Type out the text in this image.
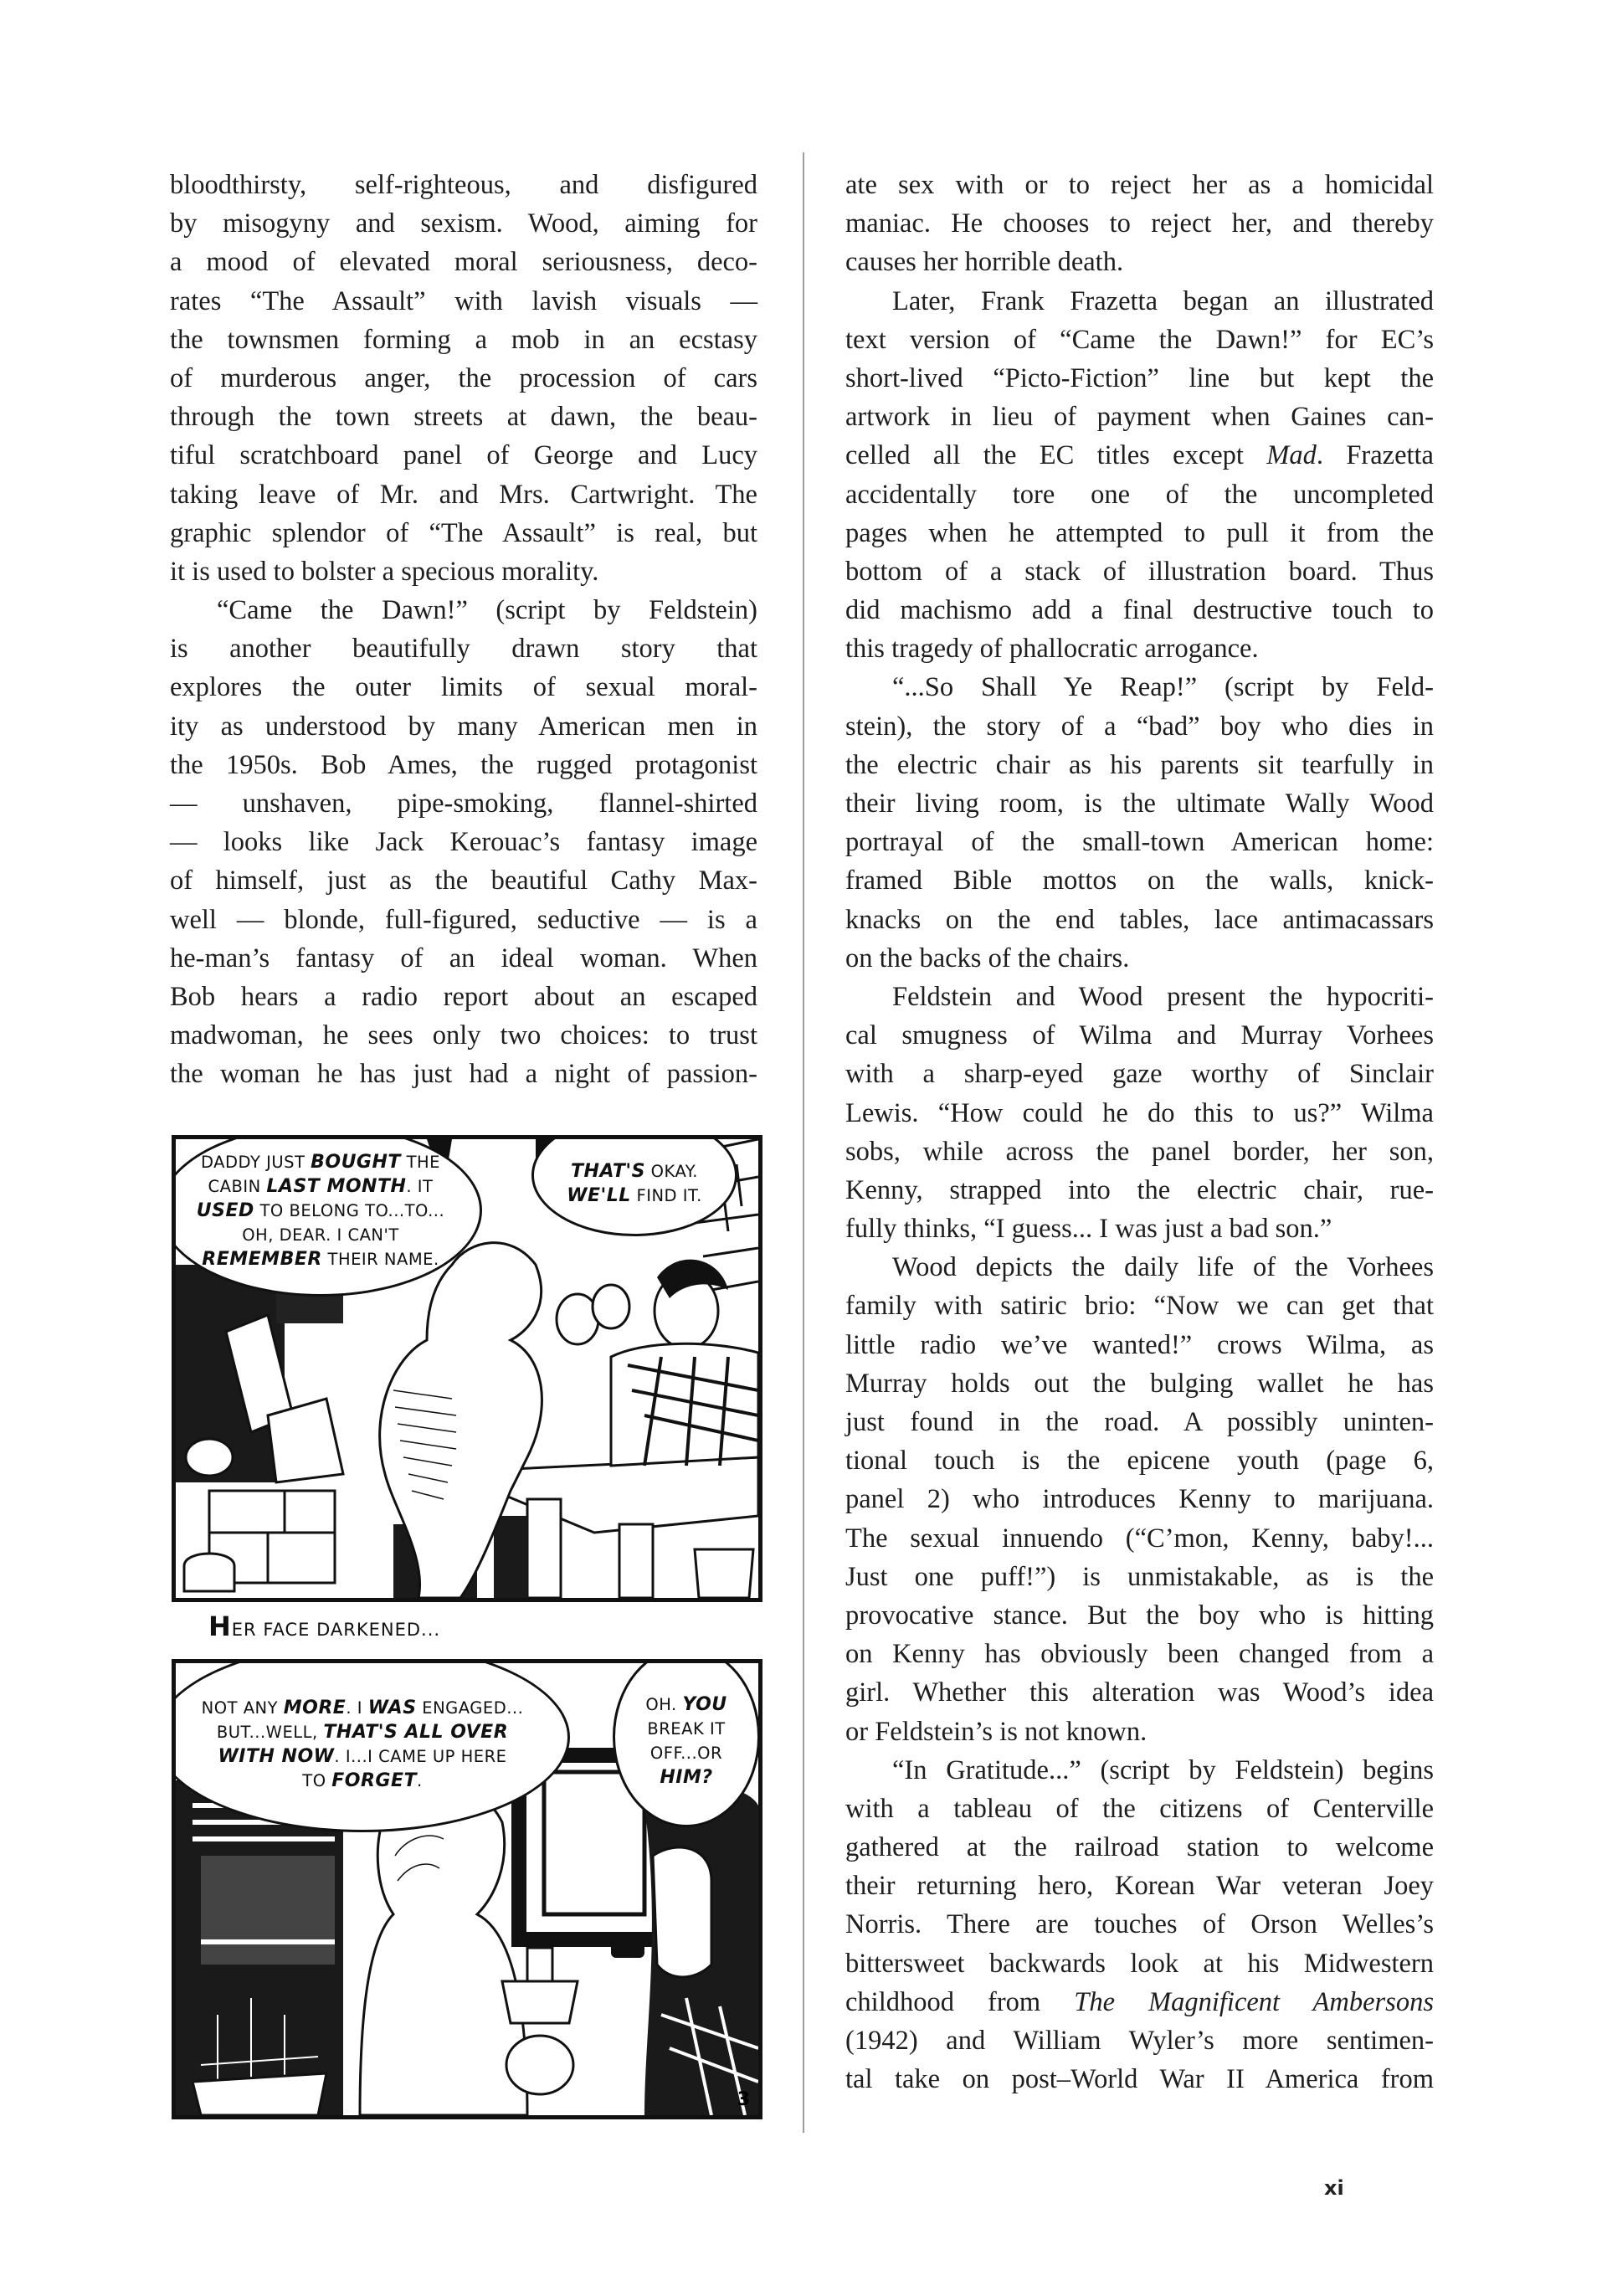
bloodthirsty, self-righteous, and disfigured
by misogyny and sexism. Wood, aiming for
a mood of elevated moral seriousness, deco-
rates “The Assault” with lavish visuals —
the townsmen forming a mob in an ecstasy
of murderous anger, the procession of cars
through the town streets at dawn, the beau-
tiful scratchboard panel of George and Lucy
taking leave of Mr. and Mrs. Cartwright. The
graphic splendor of “The Assault” is real, but
it is used to bolster a specious morality.
“Came the Dawn!” (script by Feldstein)
is another beautifully drawn story that
explores the outer limits of sexual moral-
ity as understood by many American men in
the 1950s. Bob Ames, the rugged protagonist
— unshaven, pipe-smoking, flannel-shirted
— looks like Jack Kerouac’s fantasy image
of himself, just as the beautiful Cathy Max-
well — blonde, full-figured, seductive — is a
he-man’s fantasy of an ideal woman. When
Bob hears a radio report about an escaped
madwoman, he sees only two choices: to trust
the woman he has just had a night of passion-
ate sex with or to reject her as a homicidal
maniac. He chooses to reject her, and thereby
causes her horrible death.
Later, Frank Frazetta began an illustrated
text version of “Came the Dawn!” for EC’s
short-lived “Picto-Fiction” line but kept the
artwork in lieu of payment when Gaines can-
celled all the EC titles except Mad. Frazetta
accidentally tore one of the uncompleted
pages when he attempted to pull it from the
bottom of a stack of illustration board. Thus
did machismo add a final destructive touch to
this tragedy of phallocratic arrogance.
“...So Shall Ye Reap!” (script by Feld-
stein), the story of a “bad” boy who dies in
the electric chair as his parents sit tearfully in
their living room, is the ultimate Wally Wood
portrayal of the small-town American home:
framed Bible mottos on the walls, knick-
knacks on the end tables, lace antimacassars
on the backs of the chairs.
Feldstein and Wood present the hypocriti-
cal smugness of Wilma and Murray Vorhees
with a sharp-eyed gaze worthy of Sinclair
Lewis. “How could he do this to us?” Wilma
sobs, while across the panel border, her son,
Kenny, strapped into the electric chair, rue-
fully thinks, “I guess... I was just a bad son.”
Wood depicts the daily life of the Vorhees
family with satiric brio: “Now we can get that
little radio we’ve wanted!” crows Wilma, as
Murray holds out the bulging wallet he has
just found in the road. A possibly uninten-
tional touch is the epicene youth (page 6,
panel 2) who introduces Kenny to marijuana.
The sexual innuendo (“C’mon, Kenny, baby!...
Just one puff!”) is unmistakable, as is the
provocative stance. But the boy who is hitting
on Kenny has obviously been changed from a
girl. Whether this alteration was Wood’s idea
or Feldstein’s is not known.
“In Gratitude...” (script by Feldstein) begins
with a tableau of the citizens of Centerville
gathered at the railroad station to welcome
their returning hero, Korean War veteran Joey
Norris. There are touches of Orson Welles’s
bittersweet backwards look at his Midwestern
childhood from The Magnificent Ambersons
(1942) and William Wyler’s more sentimen-
tal take on post–World War II America from
DADDY JUST BOUGHT THE
CABIN LAST MONTH. IT
USED TO BELONG TO...TO...
OH, DEAR. I CAN'T
REMEMBER THEIR NAME.
THAT'S OKAY.
WE'LL FIND IT.
HER FACE DARKENED...
NOT ANY MORE. I WAS ENGAGED...
BUT...WELL, THAT'S ALL OVER
WITH NOW. I...I CAME UP HERE
TO FORGET.
OH. YOU
BREAK IT
OFF...OR
HIM?
3
xi
